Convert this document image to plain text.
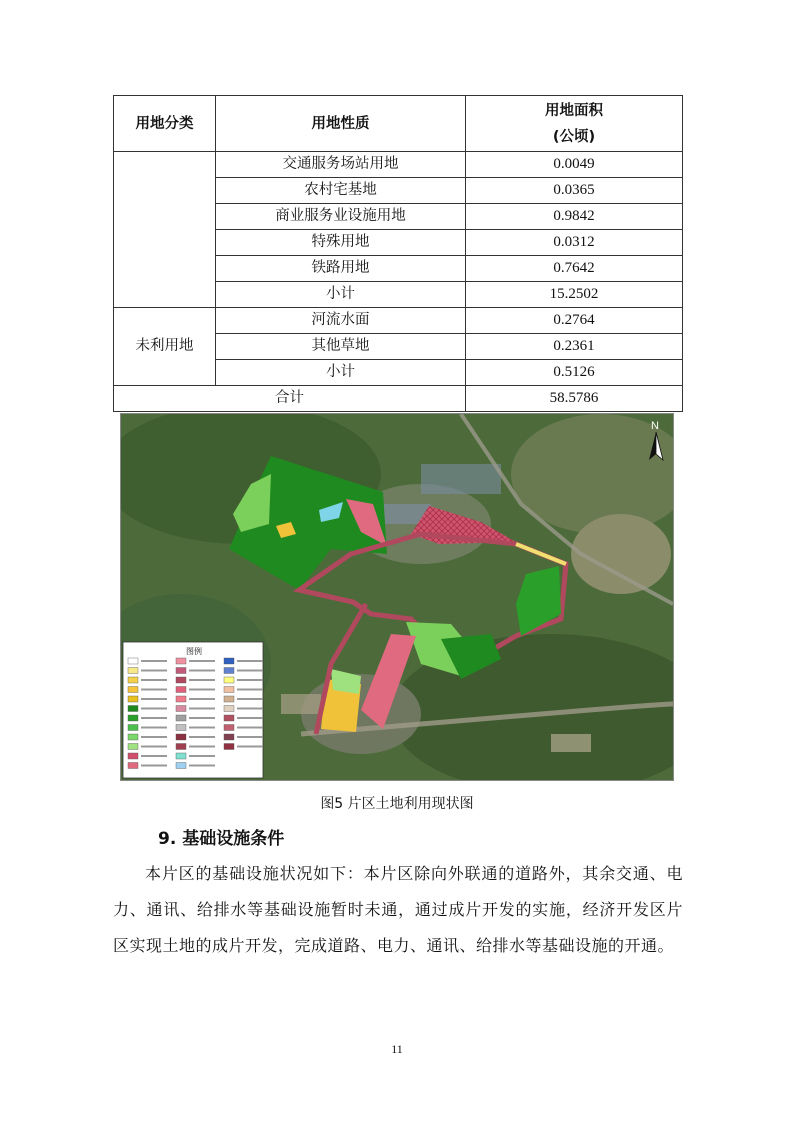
用地分类	用地性质	用地面积
(公顷)
	交通服务场站用地	0.0049
	农村宅基地	0.0365
	商业服务业设施用地	0.9842
	特殊用地	0.0312
	铁路用地	0.7642
	小计	15.2502
未利用地	河流水面	0.2764
	其他草地	0.2361
	小计	0.5126
合计		58.5786
N
图例
图5 片区土地利用现状图
9. 基础设施条件
本片区的基础设施状况如下：本片区除向外联通的道路外，其余交通、电力、通讯、给排水等基础设施暂时未通，通过成片开发的实施，经济开发区片区实现土地的成片开发，完成道路、电力、通讯、给排水等基础设施的开通。
11
